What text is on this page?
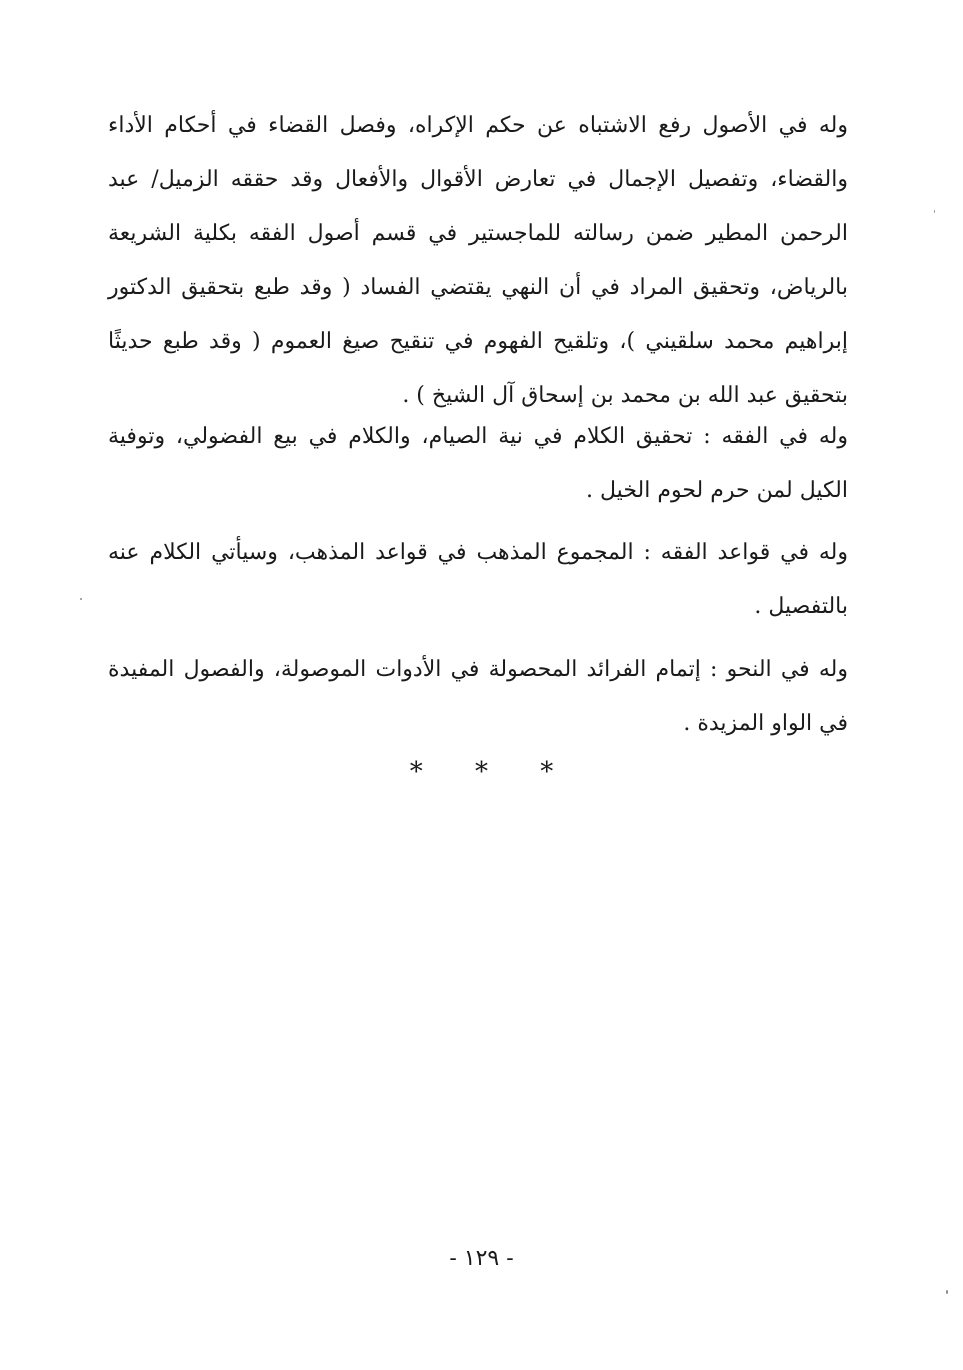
وله في الأصول رفع الاشتباه عن حكم الإكراه، وفصل القضاء في أحكام الأداء والقضاء، وتفصيل الإجمال في تعارض الأقوال والأفعال وقد حققه الزميل/ عبد الرحمن المطير ضمن رسالته للماجستير في قسم أصول الفقه بكلية الشريعة بالرياض، وتحقيق المراد في أن النهي يقتضي الفساد ( وقد طبع بتحقيق الدكتور إبراهيم محمد سلقيني )، وتلقيح الفهوم في تنقيح صيغ العموم ( وقد طبع حديثًا بتحقيق عبد الله بن محمد بن إسحاق آل الشيخ ) .

وله في الفقه : تحقيق الكلام في نية الصيام، والكلام في بيع الفضولي، وتوفية الكيل لمن حرم لحوم الخيل .

وله في قواعد الفقه : المجموع المذهب في قواعد المذهب، وسيأتي الكلام عنه بالتفصيل .

وله في النحو : إتمام الفرائد المحصولة في الأدوات الموصولة، والفصول المفيدة في الواو المزيدة .

* * *

- ١٢٩ -
